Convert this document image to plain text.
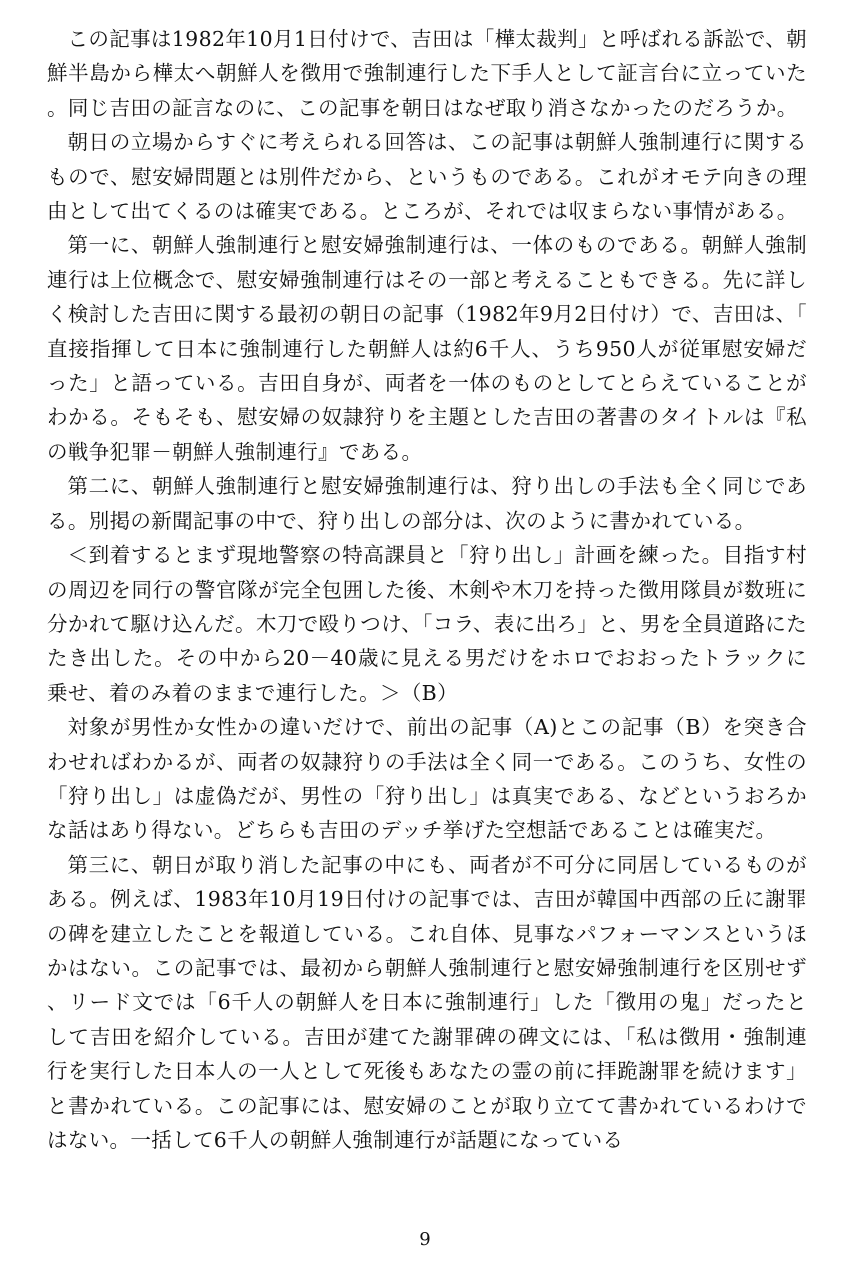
この記事は1982年10月1日付けで、吉田は「樺太裁判」と呼ばれる訴訟で、朝鮮半島から樺太へ朝鮮人を徴用で強制連行した下手人として証言台に立っていた。同じ吉田の証言なのに、この記事を朝日はなぜ取り消さなかったのだろうか。

朝日の立場からすぐに考えられる回答は、この記事は朝鮮人強制連行に関するもので、慰安婦問題とは別件だから、というものである。これがオモテ向きの理由として出てくるのは確実である。ところが、それでは収まらない事情がある。

第一に、朝鮮人強制連行と慰安婦強制連行は、一体のものである。朝鮮人強制連行は上位概念で、慰安婦強制連行はその一部と考えることもできる。先に詳しく検討した吉田に関する最初の朝日の記事（1982年9月2日付け）で、吉田は、「直接指揮して日本に強制連行した朝鮮人は約6千人、うち950人が従軍慰安婦だった」と語っている。吉田自身が、両者を一体のものとしてとらえていることがわかる。そもそも、慰安婦の奴隷狩りを主題とした吉田の著書のタイトルは『私の戦争犯罪－朝鮮人強制連行』である。

第二に、朝鮮人強制連行と慰安婦強制連行は、狩り出しの手法も全く同じである。別掲の新聞記事の中で、狩り出しの部分は、次のように書かれている。

＜到着するとまず現地警察の特高課員と「狩り出し」計画を練った。目指す村の周辺を同行の警官隊が完全包囲した後、木剣や木刀を持った徴用隊員が数班に分かれて駆け込んだ。木刀で殴りつけ、「コラ、表に出ろ」と、男を全員道路にたたき出した。その中から20－40歳に見える男だけをホロでおおったトラックに乗せ、着のみ着のままで連行した。＞（B）

対象が男性か女性かの違いだけで、前出の記事（A)とこの記事（B）を突き合わせればわかるが、両者の奴隷狩りの手法は全く同一である。このうち、女性の「狩り出し」は虚偽だが、男性の「狩り出し」は真実である、などというおろかな話はあり得ない。どちらも吉田のデッチ挙げた空想話であることは確実だ。

第三に、朝日が取り消した記事の中にも、両者が不可分に同居しているものがある。例えば、1983年10月19日付けの記事では、吉田が韓国中西部の丘に謝罪の碑を建立したことを報道している。これ自体、見事なパフォーマンスというほかはない。この記事では、最初から朝鮮人強制連行と慰安婦強制連行を区別せず、リード文では「6千人の朝鮮人を日本に強制連行」した「徴用の鬼」だったとして吉田を紹介している。吉田が建てた謝罪碑の碑文には、「私は徴用・強制連行を実行した日本人の一人として死後もあなたの霊の前に拝跪謝罪を続けます」と書かれている。この記事には、慰安婦のことが取り立てて書かれているわけではない。一括して6千人の朝鮮人強制連行が話題になっている

9
